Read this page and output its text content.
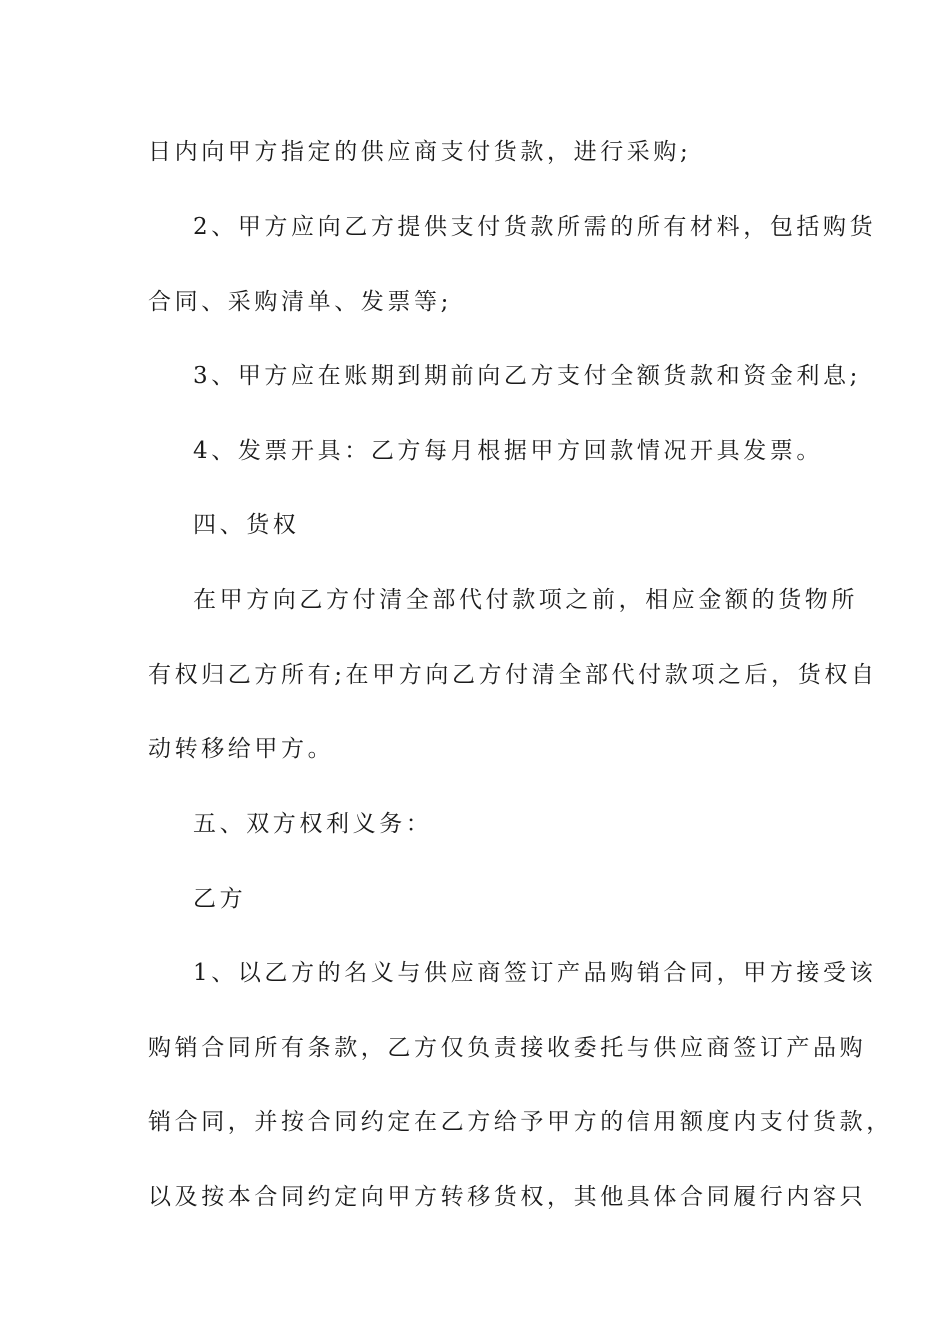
日内向甲方指定的供应商支付货款，进行采购;
2、甲方应向乙方提供支付货款所需的所有材料，包括购货
合同、采购清单、发票等;
3、甲方应在账期到期前向乙方支付全额货款和资金利息;
4、发票开具：乙方每月根据甲方回款情况开具发票。
四、货权
在甲方向乙方付清全部代付款项之前，相应金额的货物所
有权归乙方所有;在甲方向乙方付清全部代付款项之后，货权自
动转移给甲方。
五、双方权利义务：
乙方
1、以乙方的名义与供应商签订产品购销合同，甲方接受该
购销合同所有条款，乙方仅负责接收委托与供应商签订产品购
销合同，并按合同约定在乙方给予甲方的信用额度内支付货款，
以及按本合同约定向甲方转移货权，其他具体合同履行内容只
